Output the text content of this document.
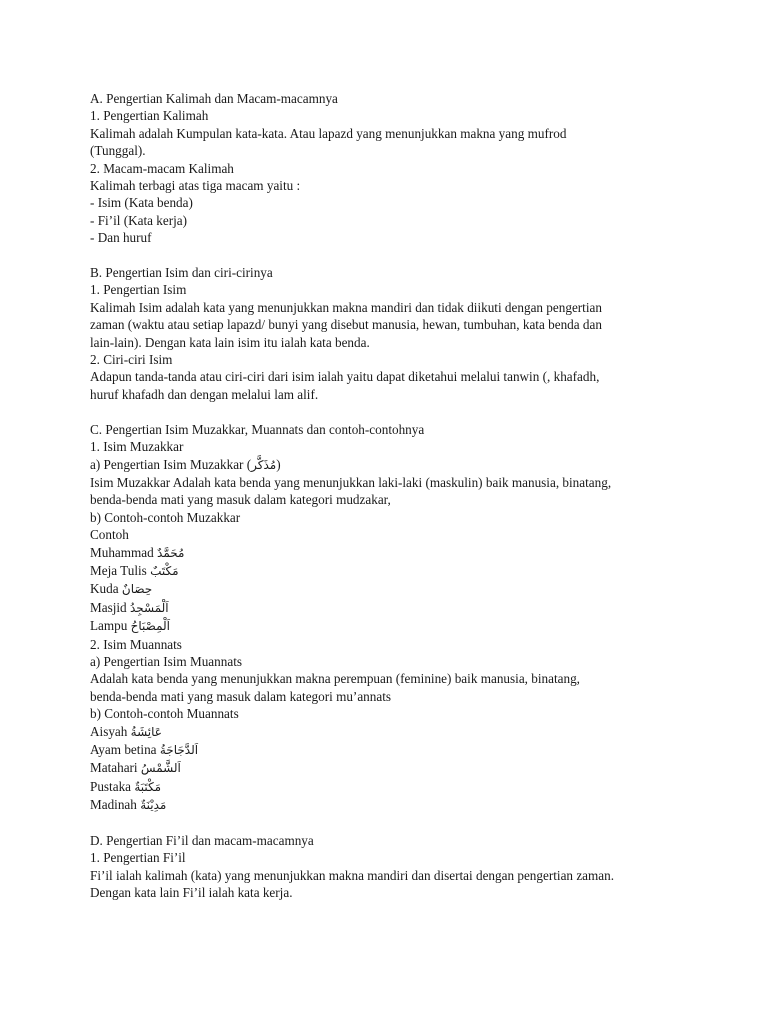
A. Pengertian Kalimah dan Macam-macamnya
1. Pengertian Kalimah
Kalimah adalah Kumpulan kata-kata. Atau lapazd yang menunjukkan makna yang mufrod
(Tunggal).
2. Macam-macam Kalimah
Kalimah terbagi atas tiga macam yaitu :
- Isim (Kata benda)
- Fi’il (Kata kerja)
- Dan huruf
B. Pengertian Isim dan ciri-cirinya
1. Pengertian Isim
Kalimah Isim adalah kata yang menunjukkan makna mandiri dan tidak diikuti dengan pengertian
zaman (waktu atau setiap lapazd/ bunyi yang disebut manusia, hewan, tumbuhan, kata benda dan
lain-lain). Dengan kata lain isim itu ialah kata benda.
2. Ciri-ciri Isim
Adapun tanda-tanda atau ciri-ciri dari isim ialah yaitu dapat diketahui melalui tanwin (, khafadh,
huruf khafadh dan dengan melalui lam alif.
C. Pengertian Isim Muzakkar, Muannats dan contoh-contohnya
1. Isim Muzakkar
a) Pengertian Isim Muzakkar (مُذَكَّر)
Isim Muzakkar Adalah kata benda yang menunjukkan laki-laki (maskulin) baik manusia, binatang,
benda-benda mati yang masuk dalam kategori mudzakar,
b) Contoh-contoh Muzakkar
Contoh
Muhammad مُحَمَّدٌ
Meja Tulis مَكْتَبٌ
Kuda حِصَانٌ
Masjid اَلْمَسْجِدُ
Lampu اَلْمِصْبَاحُ
2. Isim Muannats
a) Pengertian Isim Muannats
Adalah kata benda yang menunjukkan makna perempuan (feminine) baik manusia, binatang,
benda-benda mati yang masuk dalam kategori mu’annats
b) Contoh-contoh Muannats
Aisyah عَائِشَةُ
Ayam betina اَلدَّجَاجَةُ
Matahari اَلشَّمْسُ
Pustaka مَكْتَبَةٌ
Madinah مَدِيْنَةٌ
D. Pengertian Fi’il dan macam-macamnya
1. Pengertian Fi’il
Fi’il ialah kalimah (kata) yang menunjukkan makna mandiri dan disertai dengan pengertian zaman.
Dengan kata lain Fi’il ialah kata kerja.
